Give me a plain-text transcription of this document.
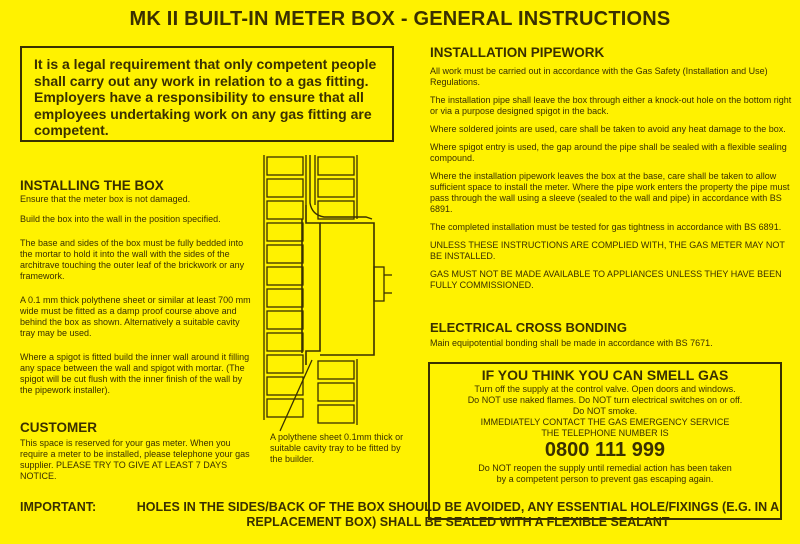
MK II BUILT-IN METER BOX - GENERAL INSTRUCTIONS
It is a legal requirement that only competent people shall carry out any work in relation to a gas fitting. Employers have a responsibility to ensure that all employees undertaking work on any gas fitting are competent.
INSTALLING THE BOX

Ensure that the meter box is not damaged.

Build the box into the wall in the position specified.

The base and sides of the box must be fully bedded into the mortar to hold it into the wall with the sides of the architrave touching the outer leaf of the brickwork or any framework.

A 0.1 mm thick polythene sheet or similar at least 700 mm wide must be fitted as a damp proof course above and behind the box as shown. Alternatively a suitable cavity tray may be used.

Where a spigot is fitted build the inner wall around it filling any space between the wall and spigot with mortar. (The spigot will be cut flush with the inner finish of the wall by the pipework installer).

CUSTOMER
This space is reserved for your gas meter. When you require a meter to be installed, please telephone your gas supplier. PLEASE TRY TO GIVE AT LEAST 7 DAYS NOTICE.
A polythene sheet 0.1mm thick or suitable cavity tray to be fitted by the builder.
INSTALLATION PIPEWORK

All work must be carried out in accordance with the Gas Safety (Installation and Use) Regulations.

The installation pipe shall leave the box through either a knock-out hole on the bottom right or via a purpose designed spigot in the back.

Where soldered joints are used, care shall be taken to avoid any heat damage to the box.

Where spigot entry is used, the gap around the pipe shall be sealed with a flexible sealing compound.

Where the installation pipework leaves the box at the base, care shall be taken to allow sufficient space to install the meter. Where the pipe work enters the property the pipe must pass through the wall using a sleeve (sealed to the wall and pipe) in accordance with BS 6891.

The completed installation must be tested for gas tightness in accordance with BS 6891.

UNLESS THESE INSTRUCTIONS ARE COMPLIED WITH, THE GAS METER MAY NOT BE INSTALLED.

GAS MUST NOT BE MADE AVAILABLE TO APPLIANCES UNLESS THEY HAVE BEEN FULLY COMMISSIONED.

ELECTRICAL CROSS BONDING
Main equipotential bonding shall be made in accordance with BS 7671.
IF YOU THINK YOU CAN SMELL GAS
Turn off the supply at the control valve. Open doors and windows.
Do NOT use naked flames. Do NOT turn electrical switches on or off.
Do NOT smoke.
IMMEDIATELY CONTACT THE GAS EMERGENCY SERVICE
THE TELEPHONE NUMBER IS
0800 111 999
Do NOT reopen the supply until remedial action has been taken
by a competent person to prevent gas escaping again.
IMPORTANT:	HOLES IN THE SIDES/BACK OF THE BOX SHOULD BE AVOIDED, ANY ESSENTIAL HOLE/FIXINGS (E.G. IN A REPLACEMENT BOX) SHALL BE SEALED WITH A FLEXIBLE SEALANT
